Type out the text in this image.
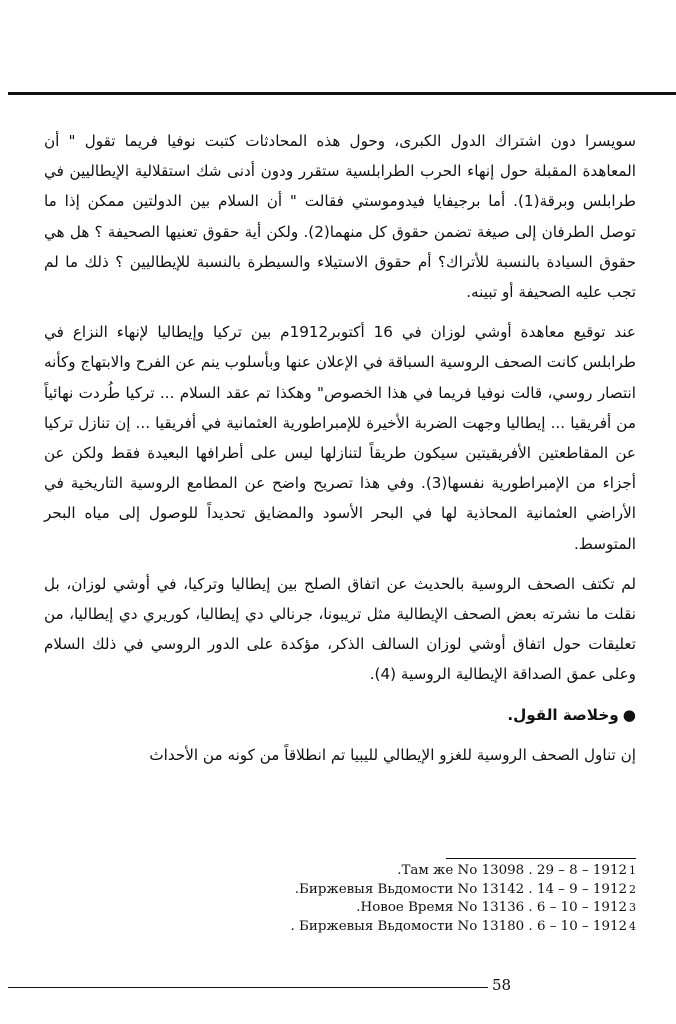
سويسرا دون اشتراك الدول الكبرى، وحول هذه المحادثات كتبت نوفيا فريما تقول " أن المعاهدة المقبلة حول إنهاء الحرب الطرابلسية ستقرر ودون أدنى شك استقلالية الإيطاليين في طرابلس وبرقة(1). أما برجيفايا فيدوموستي فقالت " أن السلام بين الدولتين ممكن إذا ما توصل الطرفان إلى صيغة تضمن حقوق كل منهما(2). ولكن أية حقوق تعنيها الصحيفة ؟ هل هي حقوق السيادة بالنسبة للأتراك؟ أم حقوق الاستيلاء والسيطرة بالنسبة للإيطاليين ؟ ذلك ما لم تجب عليه الصحيفة أو تبينه.

عند توقيع معاهدة أوشي لوزان في 16 أكتوبر1912م بين تركيا وإيطاليا لإنهاء النزاع في طرابلس كانت الصحف الروسية السباقة في الإعلان عنها وبأسلوب ينم عن الفرح والابتهاج وكأنه انتصار روسي، قالت نوفيا فريما في هذا الخصوص" وهكذا تم عقد السلام ... تركيا طُردت نهائياً من أفريقيا ... إيطاليا وجهت الضربة الأخيرة للإمبراطورية العثمانية في أفريقيا ... إن تنازل تركيا عن المقاطعتين الأفريقيتين سيكون طريقاً لتنازلها ليس على أطرافها البعيدة فقط ولكن عن أجزاء من الإمبراطورية نفسها(3). وفي هذا تصريح واضح عن المطامع الروسية التاريخية في الأراضي العثمانية المحاذية لها في البحر الأسود والمضايق تحديداً للوصول إلى مياه البحر المتوسط.

لم تكتف الصحف الروسية بالحديث عن اتفاق الصلح بين إيطاليا وتركيا، في أوشي لوزان، بل نقلت ما نشرته بعض الصحف الإيطالية مثل تريبونا، جرنالي دي إيطاليا، كوريري دي إيطاليا، من تعليقات حول اتفاق أوشي لوزان السالف الذكر، مؤكدة على الدور الروسي في ذلك السلام وعلى عمق الصداقة الإيطالية الروسية (4).

●وخلاصة القول.

إن تناول الصحف الروسية للغزو الإيطالي لليبيا تم انطلاقاً من كونه من الأحداث

.Там же No 13098 . 29 – 8 – 1912 1
.Биржевыя Вьдомости No 13142 . 14 – 9 – 1912 2
.Новое Время No 13136 . 6 – 10 – 1912 3
. Биржевыя Вьдомости No 13180 . 6 – 10 – 1912 4
58
